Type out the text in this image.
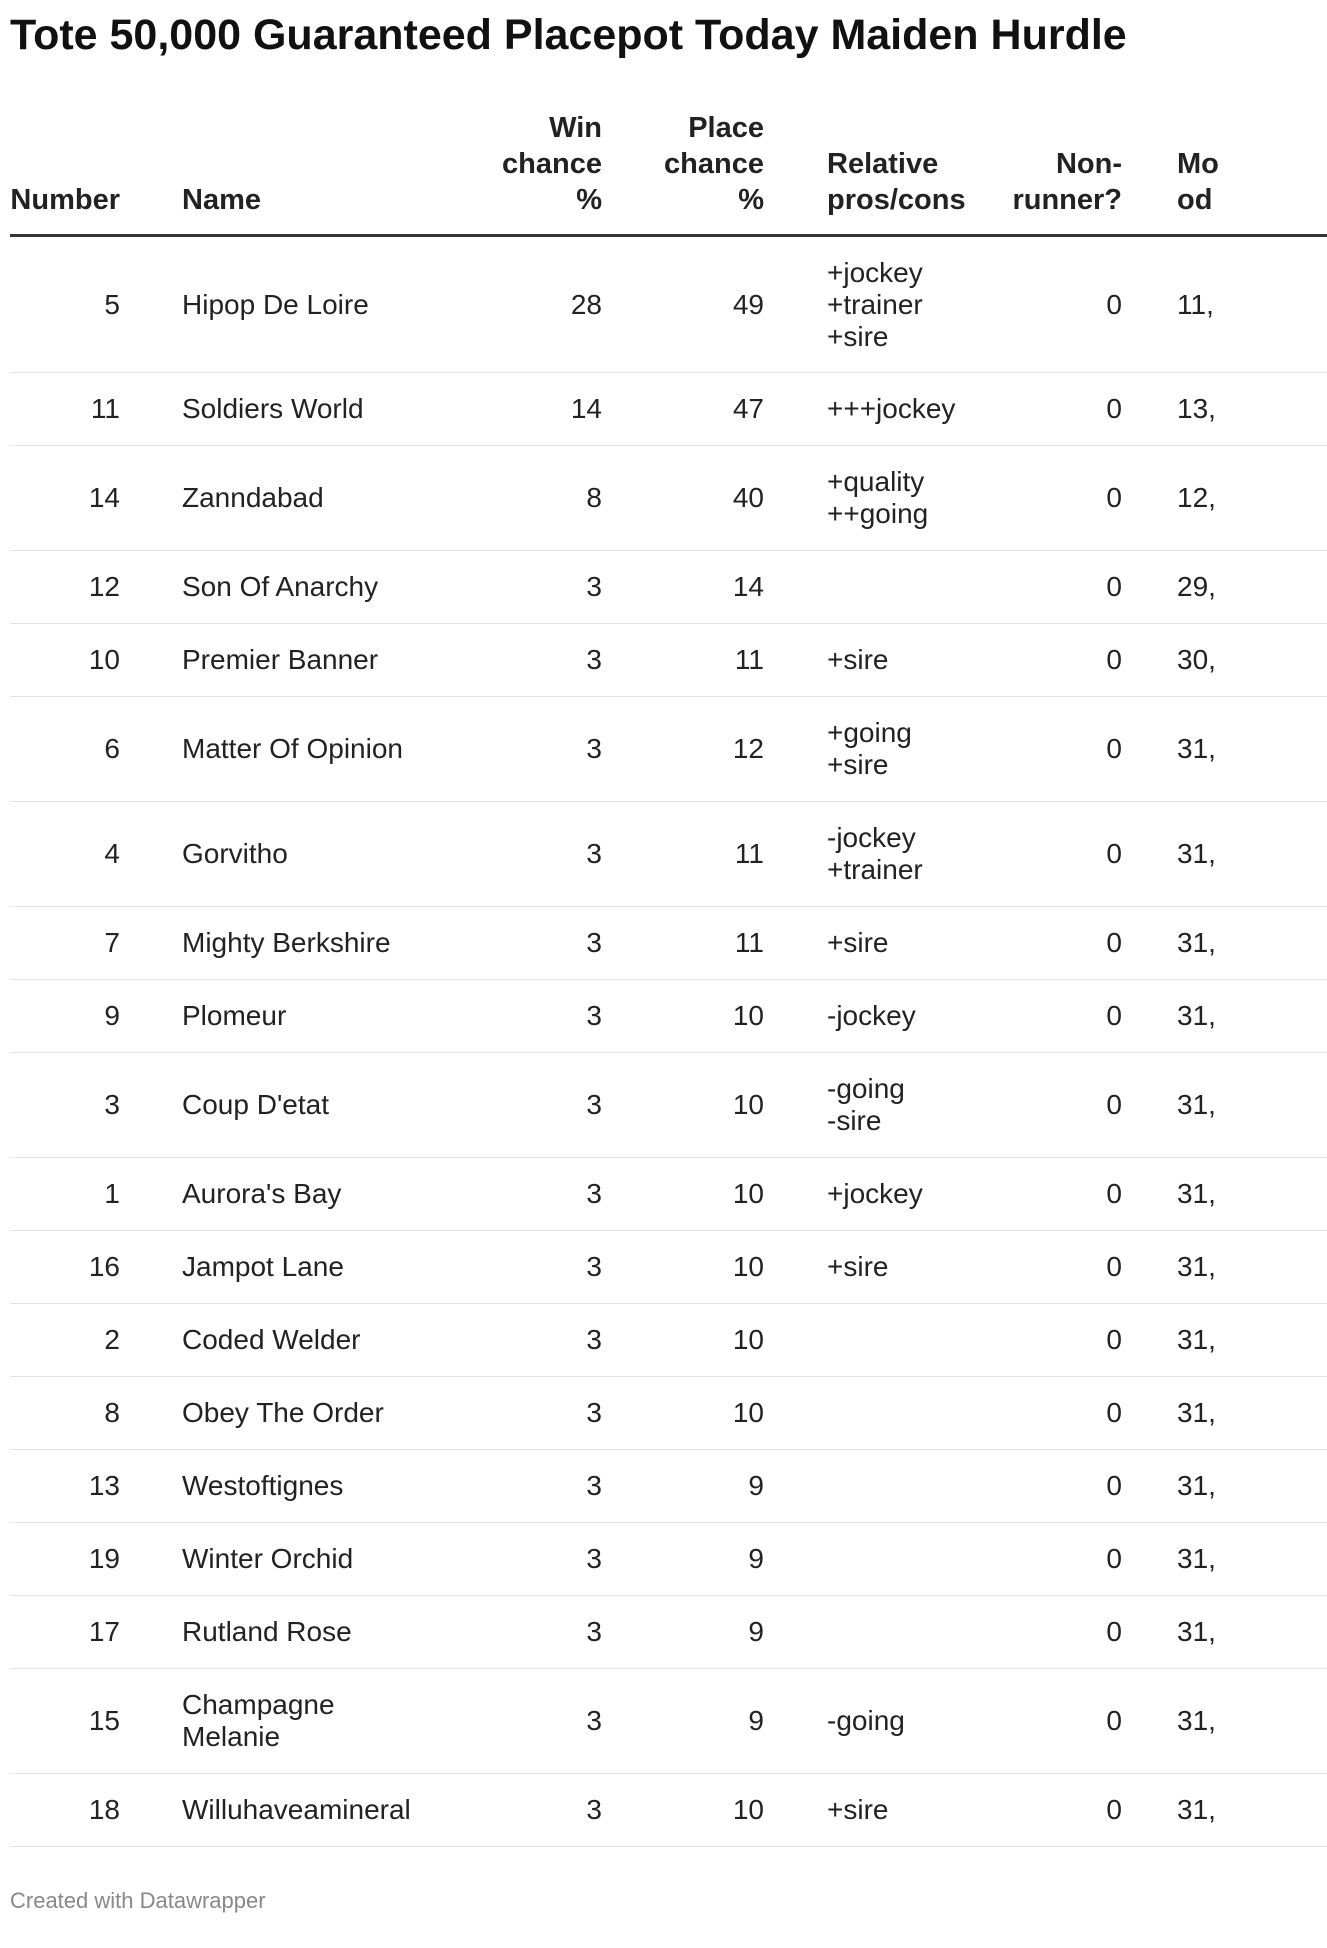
Tote 50,000 Guaranteed Placepot Today Maiden Hurdle
Number	Name	Win
chance
%	Place
chance
%		Relative
pros/cons	Non-
runner?		Mo
od
5	Hipop De Loire	28	49		+jockey
+trainer
+sire	0		11,
11	Soldiers World	14	47		+++jockey	0		13,
14	Zanndabad	8	40		+quality
++going	0		12,
12	Son Of Anarchy	3	14			0		29,
10	Premier Banner	3	11		+sire	0		30,
6	Matter Of Opinion	3	12		+going
+sire	0		31,
4	Gorvitho	3	11		-jockey
+trainer	0		31,
7	Mighty Berkshire	3	11		+sire	0		31,
9	Plomeur	3	10		-jockey	0		31,
3	Coup D'etat	3	10		-going
-sire	0		31,
1	Aurora's Bay	3	10		+jockey	0		31,
16	Jampot Lane	3	10		+sire	0		31,
2	Coded Welder	3	10			0		31,
8	Obey The Order	3	10			0		31,
13	Westoftignes	3	9			0		31,
19	Winter Orchid	3	9			0		31,
17	Rutland Rose	3	9			0		31,
15	Champagne
Melanie	3	9		-going	0		31,
18	Willuhaveamineral	3	10		+sire	0		31,
Created with Datawrapper
